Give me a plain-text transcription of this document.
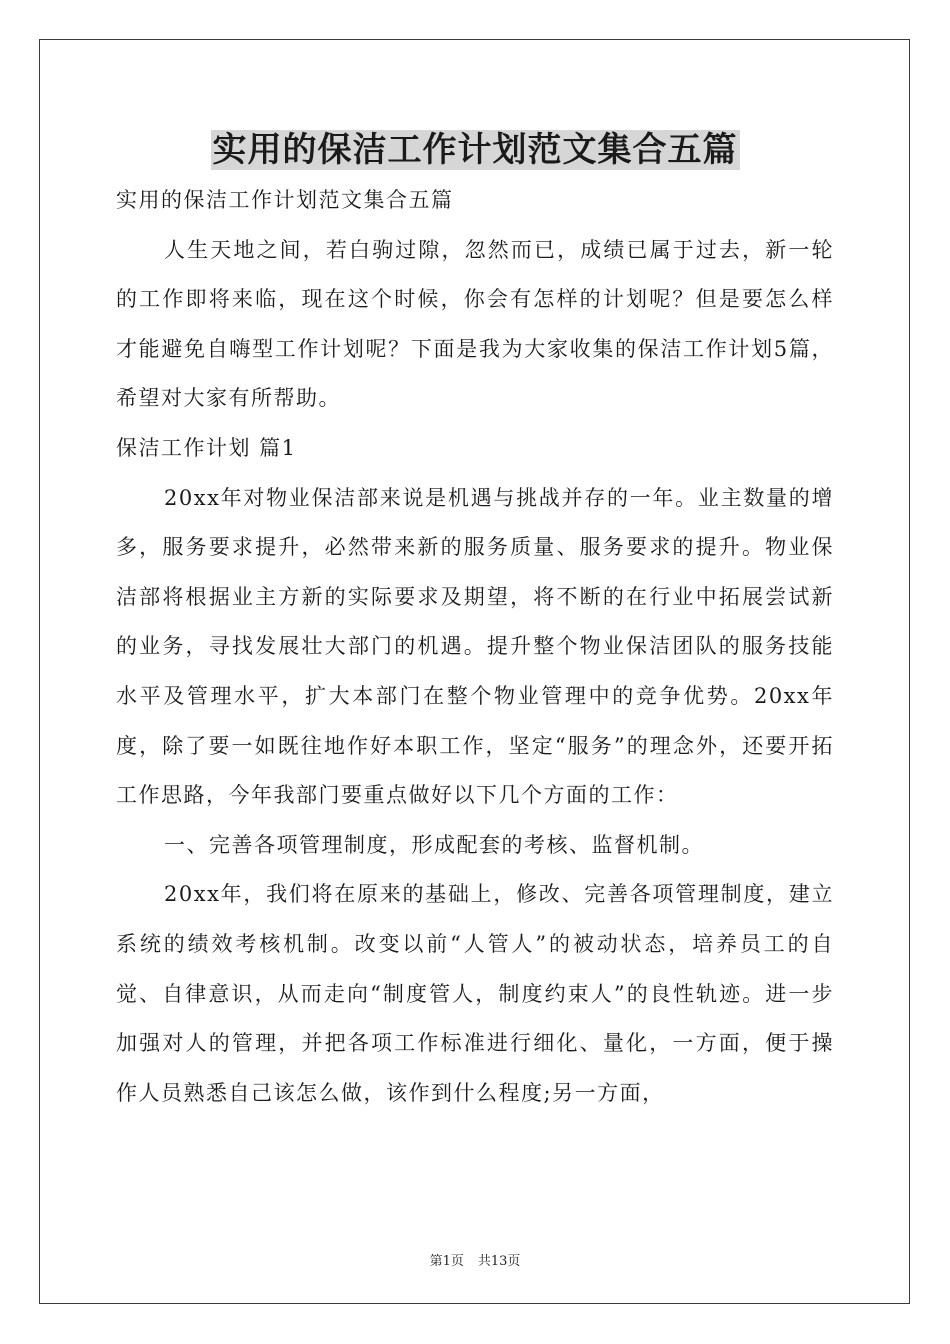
实用的保洁工作计划范文集合五篇

实用的保洁工作计划范文集合五篇

人生天地之间，若白驹过隙，忽然而已，成绩已属于过去，新一轮的工作即将来临，现在这个时候，你会有怎样的计划呢？但是要怎么样才能避免自嗨型工作计划呢？下面是我为大家收集的保洁工作计划5篇，希望对大家有所帮助。

保洁工作计划 篇1

20xx年对物业保洁部来说是机遇与挑战并存的一年。业主数量的增多，服务要求提升，必然带来新的服务质量、服务要求的提升。物业保洁部将根据业主方新的实际要求及期望，将不断的在行业中拓展尝试新的业务，寻找发展壮大部门的机遇。提升整个物业保洁团队的服务技能水平及管理水平，扩大本部门在整个物业管理中的竞争优势。20xx年度，除了要一如既往地作好本职工作，坚定“服务”的理念外，还要开拓工作思路，今年我部门要重点做好以下几个方面的工作：

一、完善各项管理制度，形成配套的考核、监督机制。

20xx年，我们将在原来的基础上，修改、完善各项管理制度，建立系统的绩效考核机制。改变以前“人管人”的被动状态，培养员工的自觉、自律意识，从而走向“制度管人，制度约束人”的良性轨迹。进一步加强对人的管理，并把各项工作标准进行细化、量化，一方面，便于操作人员熟悉自己该怎么做，该作到什么程度;另一方面，

第1页 共13页
